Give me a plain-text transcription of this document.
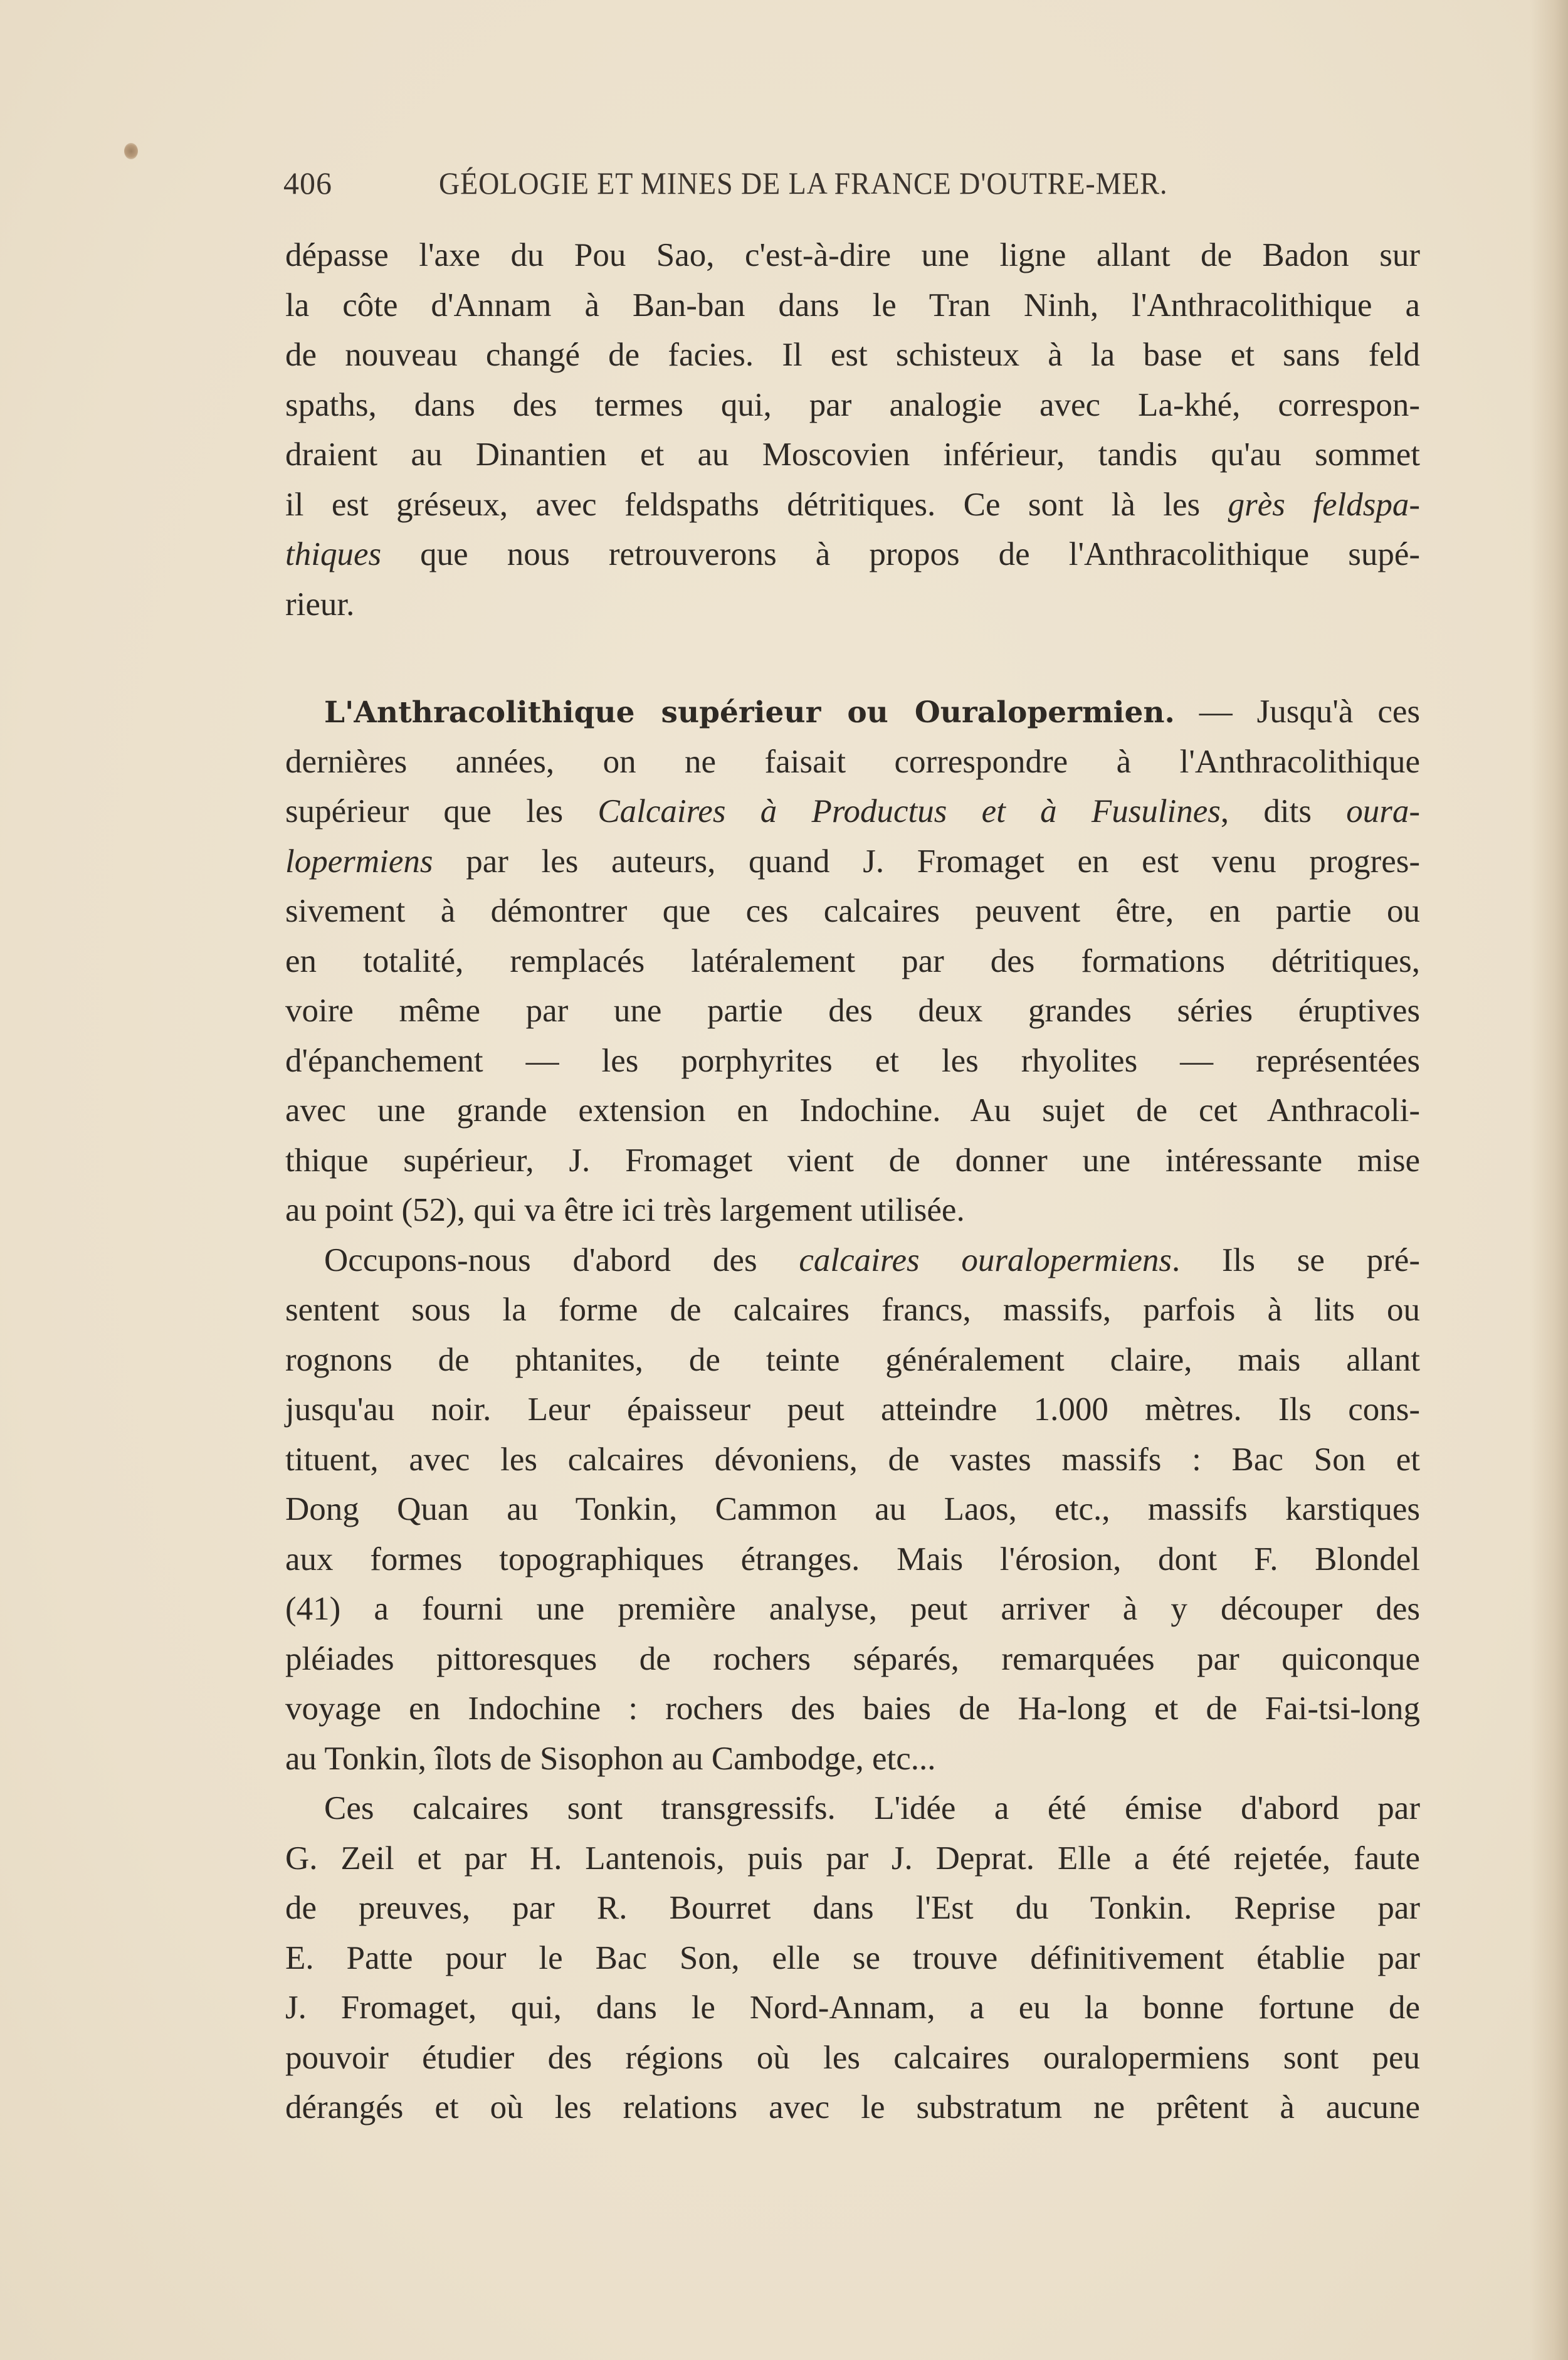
406	GÉOLOGIE ET MINES DE LA FRANCE D'OUTRE-MER.
dépasse l'axe du Pou Sao, c'est-à-dire une ligne allant de Badon sur
la côte d'Annam à Ban-ban dans le Tran Ninh, l'Anthracolithique a
de nouveau changé de facies. Il est schisteux à la base et sans feld
spaths, dans des termes qui, par analogie avec La-khé, correspon-
draient au Dinantien et au Moscovien inférieur, tandis qu'au sommet
il est gréseux, avec feldspaths détritiques. Ce sont là les grès feldspa-
thiques que nous retrouverons à propos de l'Anthracolithique supé-
rieur.
L'Anthracolithique supérieur ou Ouralopermien. — Jusqu'à ces
dernières années, on ne faisait correspondre à l'Anthracolithique
supérieur que les Calcaires à Productus et à Fusulines, dits oura-
lopermiens par les auteurs, quand J. Fromaget en est venu progres-
sivement à démontrer que ces calcaires peuvent être, en partie ou
en totalité, remplacés latéralement par des formations détritiques,
voire même par une partie des deux grandes séries éruptives
d'épanchement — les porphyrites et les rhyolites — représentées
avec une grande extension en Indochine. Au sujet de cet Anthracoli-
thique supérieur, J. Fromaget vient de donner une intéressante mise
au point (52), qui va être ici très largement utilisée.
Occupons-nous d'abord des calcaires ouralopermiens. Ils se pré-
sentent sous la forme de calcaires francs, massifs, parfois à lits ou
rognons de phtanites, de teinte généralement claire, mais allant
jusqu'au noir. Leur épaisseur peut atteindre 1.000 mètres. Ils cons-
tituent, avec les calcaires dévoniens, de vastes massifs : Bac Son et
Dong Quan au Tonkin, Cammon au Laos, etc., massifs karstiques
aux formes topographiques étranges. Mais l'érosion, dont F. Blondel
(41) a fourni une première analyse, peut arriver à y découper des
pléiades pittoresques de rochers séparés, remarquées par quiconque
voyage en Indochine : rochers des baies de Ha-long et de Fai-tsi-long
au Tonkin, îlots de Sisophon au Cambodge, etc...
Ces calcaires sont transgressifs. L'idée a été émise d'abord par
G. Zeil et par H. Lantenois, puis par J. Deprat. Elle a été rejetée, faute
de preuves, par R. Bourret dans l'Est du Tonkin. Reprise par
E. Patte pour le Bac Son, elle se trouve définitivement établie par
J. Fromaget, qui, dans le Nord-Annam, a eu la bonne fortune de
pouvoir étudier des régions où les calcaires ouralopermiens sont peu
dérangés et où les relations avec le substratum ne prêtent à aucune
